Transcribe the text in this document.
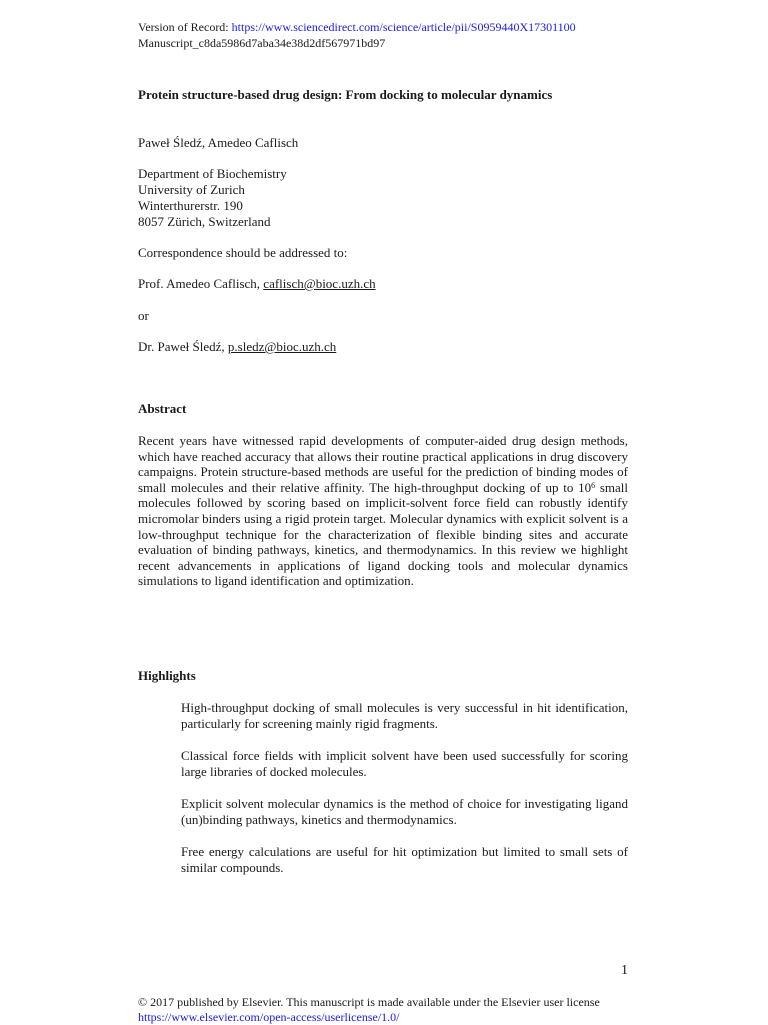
Version of Record: https://www.sciencedirect.com/science/article/pii/S0959440X17301100
Manuscript_c8da5986d7aba34e38d2df567971bd97
Protein structure-based drug design: From docking to molecular dynamics
Paweł Śledź, Amedeo Caflisch
Department of Biochemistry
University of Zurich
Winterthurerstr. 190
8057 Zürich, Switzerland
Correspondence should be addressed to:
Prof. Amedeo Caflisch, caflisch@bioc.uzh.ch
or
Dr. Paweł Śledź, p.sledz@bioc.uzh.ch
Abstract
Recent years have witnessed rapid developments of computer-aided drug design methods, which have reached accuracy that allows their routine practical applications in drug discovery campaigns. Protein structure-based methods are useful for the prediction of binding modes of small molecules and their relative affinity. The high-throughput docking of up to $10^6$ small molecules followed by scoring based on implicit-solvent force field can robustly identify micromolar binders using a rigid protein target. Molecular dynamics with explicit solvent is a low-throughput technique for the characterization of flexible binding sites and accurate evaluation of binding pathways, kinetics, and thermodynamics. In this review we highlight recent advancements in applications of ligand docking tools and molecular dynamics simulations to ligand identification and optimization.
Highlights
High-throughput docking of small molecules is very successful in hit identification, particularly for screening mainly rigid fragments.
Classical force fields with implicit solvent have been used successfully for scoring large libraries of docked molecules.
Explicit solvent molecular dynamics is the method of choice for investigating ligand (un)binding pathways, kinetics and thermodynamics.
Free energy calculations are useful for hit optimization but limited to small sets of similar compounds.
1
© 2017 published by Elsevier. This manuscript is made available under the Elsevier user license
https://www.elsevier.com/open-access/userlicense/1.0/
